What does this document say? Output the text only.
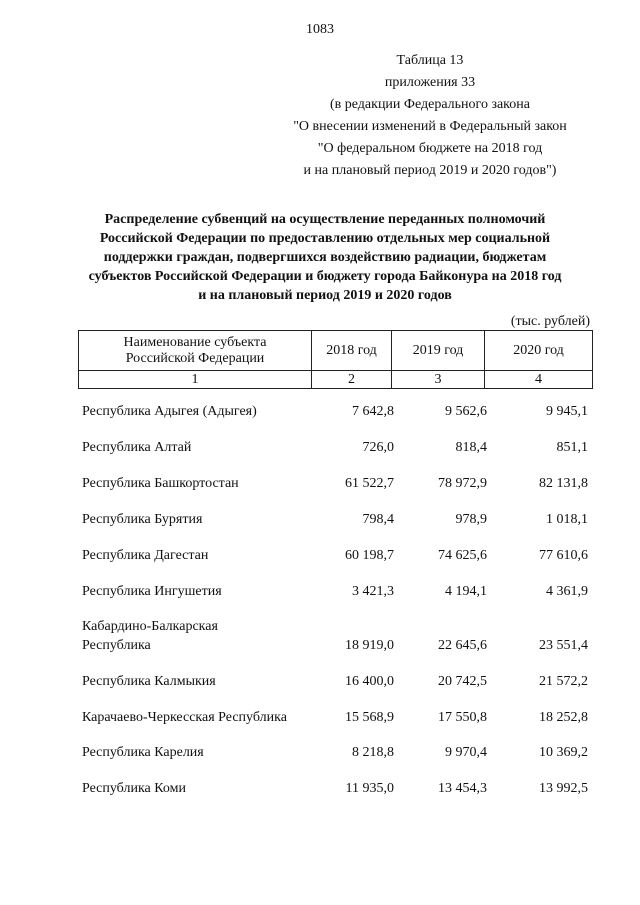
1083
Таблица 13
приложения 33
(в редакции Федерального закона
"О внесении изменений в Федеральный закон
"О федеральном бюджете на 2018 год
и на плановый период 2019 и 2020 годов")
Распределение субвенций на осуществление переданных полномочий
Российской Федерации по предоставлению отдельных мер социальной
поддержки граждан, подвергшихся воздействию радиации, бюджетам
субъектов Российской Федерации и бюджету города Байконура на 2018 год
и на плановый период 2019 и 2020 годов
(тыс. рублей)
Наименование субъекта Российской Федерации	2018 год	2019 год	2020 год
1	2	3	4
Республика Адыгея (Адыгея)	7 642,8	9 562,6	9 945,1
Республика Алтай	726,0	818,4	851,1
Республика Башкортостан	61 522,7	78 972,9	82 131,8
Республика Бурятия	798,4	978,9	1 018,1
Республика Дагестан	60 198,7	74 625,6	77 610,6
Республика Ингушетия	3 421,3	4 194,1	4 361,9
Кабардино-Балкарская
Республика	18 919,0	22 645,6	23 551,4
Республика Калмыкия	16 400,0	20 742,5	21 572,2
Карачаево-Черкесская Республика	15 568,9	17 550,8	18 252,8
Республика Карелия	8 218,8	9 970,4	10 369,2
Республика Коми	11 935,0	13 454,3	13 992,5
